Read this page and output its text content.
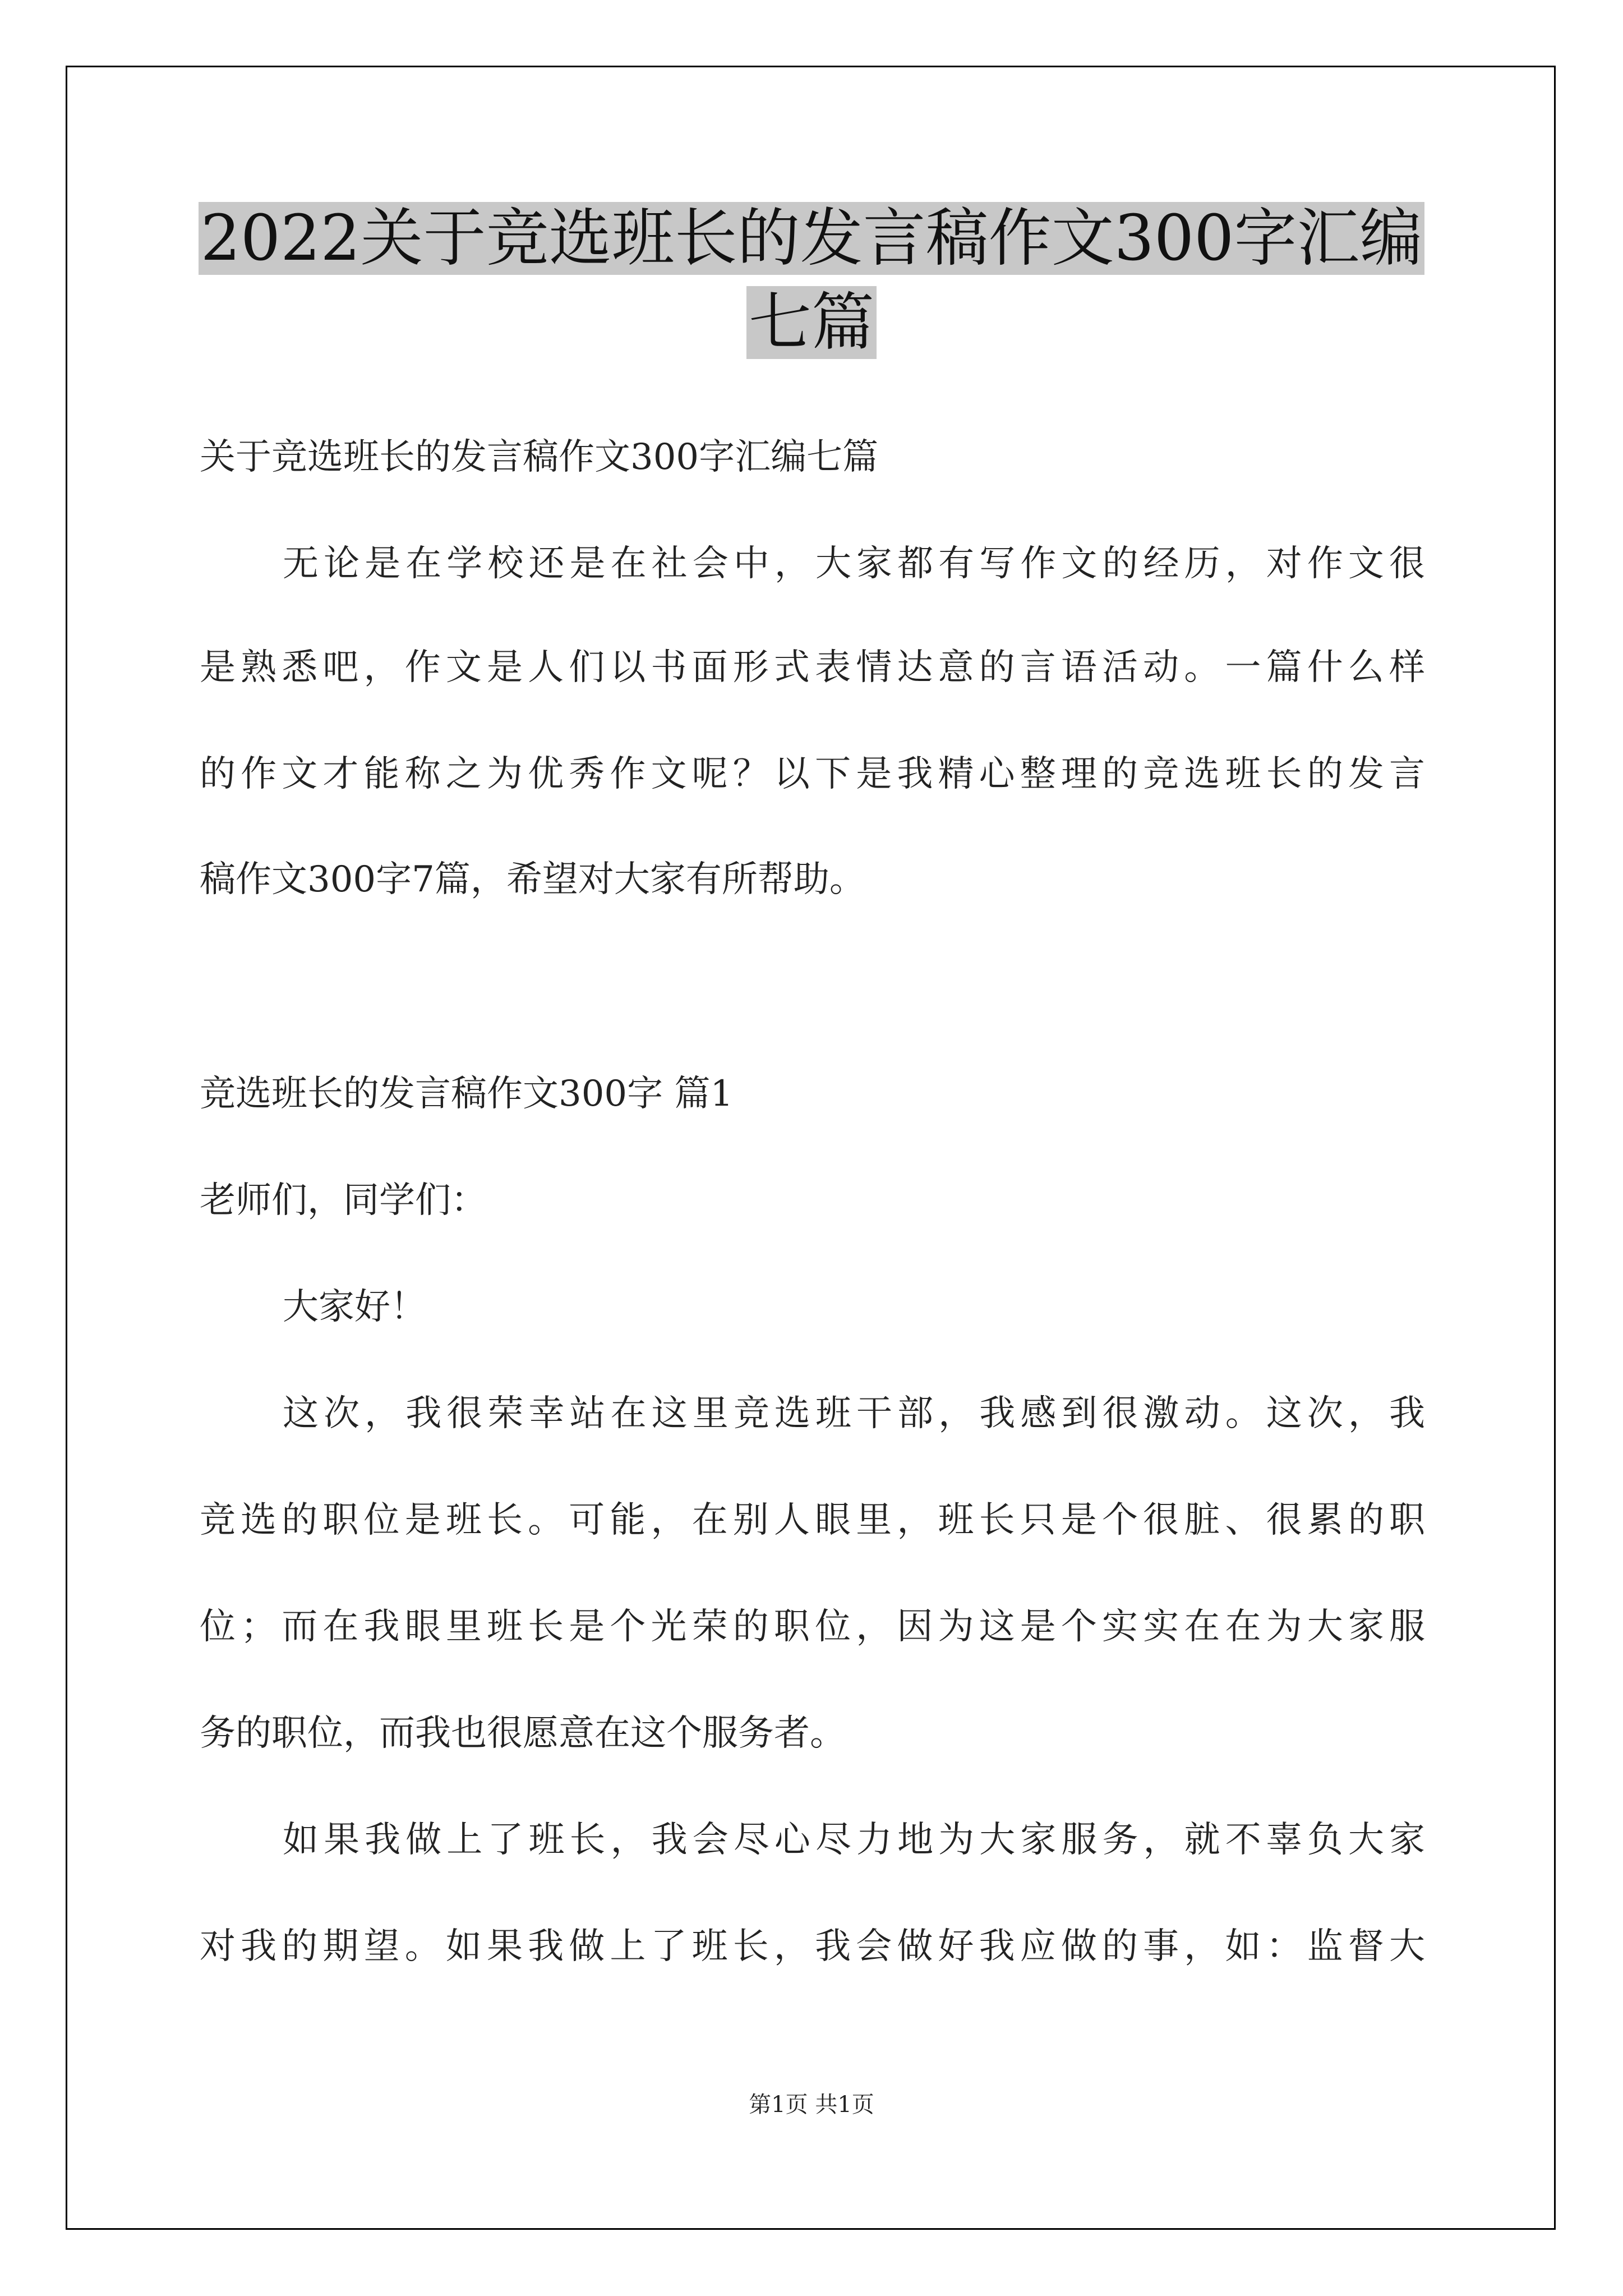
2022关于竞选班长的发言稿作文300字汇编七篇
关于竞选班长的发言稿作文300字汇编七篇
无论是在学校还是在社会中，大家都有写作文的经历，对作文很
是熟悉吧，作文是人们以书面形式表情达意的言语活动。一篇什么样
的作文才能称之为优秀作文呢？以下是我精心整理的竞选班长的发言
稿作文300字7篇，希望对大家有所帮助。
竞选班长的发言稿作文300字 篇1
老师们，同学们：
大家好！
这次，我很荣幸站在这里竞选班干部，我感到很激动。这次，我
竞选的职位是班长。可能，在别人眼里，班长只是个很脏、很累的职
位；而在我眼里班长是个光荣的职位，因为这是个实实在在为大家服
务的职位，而我也很愿意在这个服务者。
如果我做上了班长，我会尽心尽力地为大家服务，就不辜负大家
对我的期望。如果我做上了班长，我会做好我应做的事，如：监督大
第1页 共1页
